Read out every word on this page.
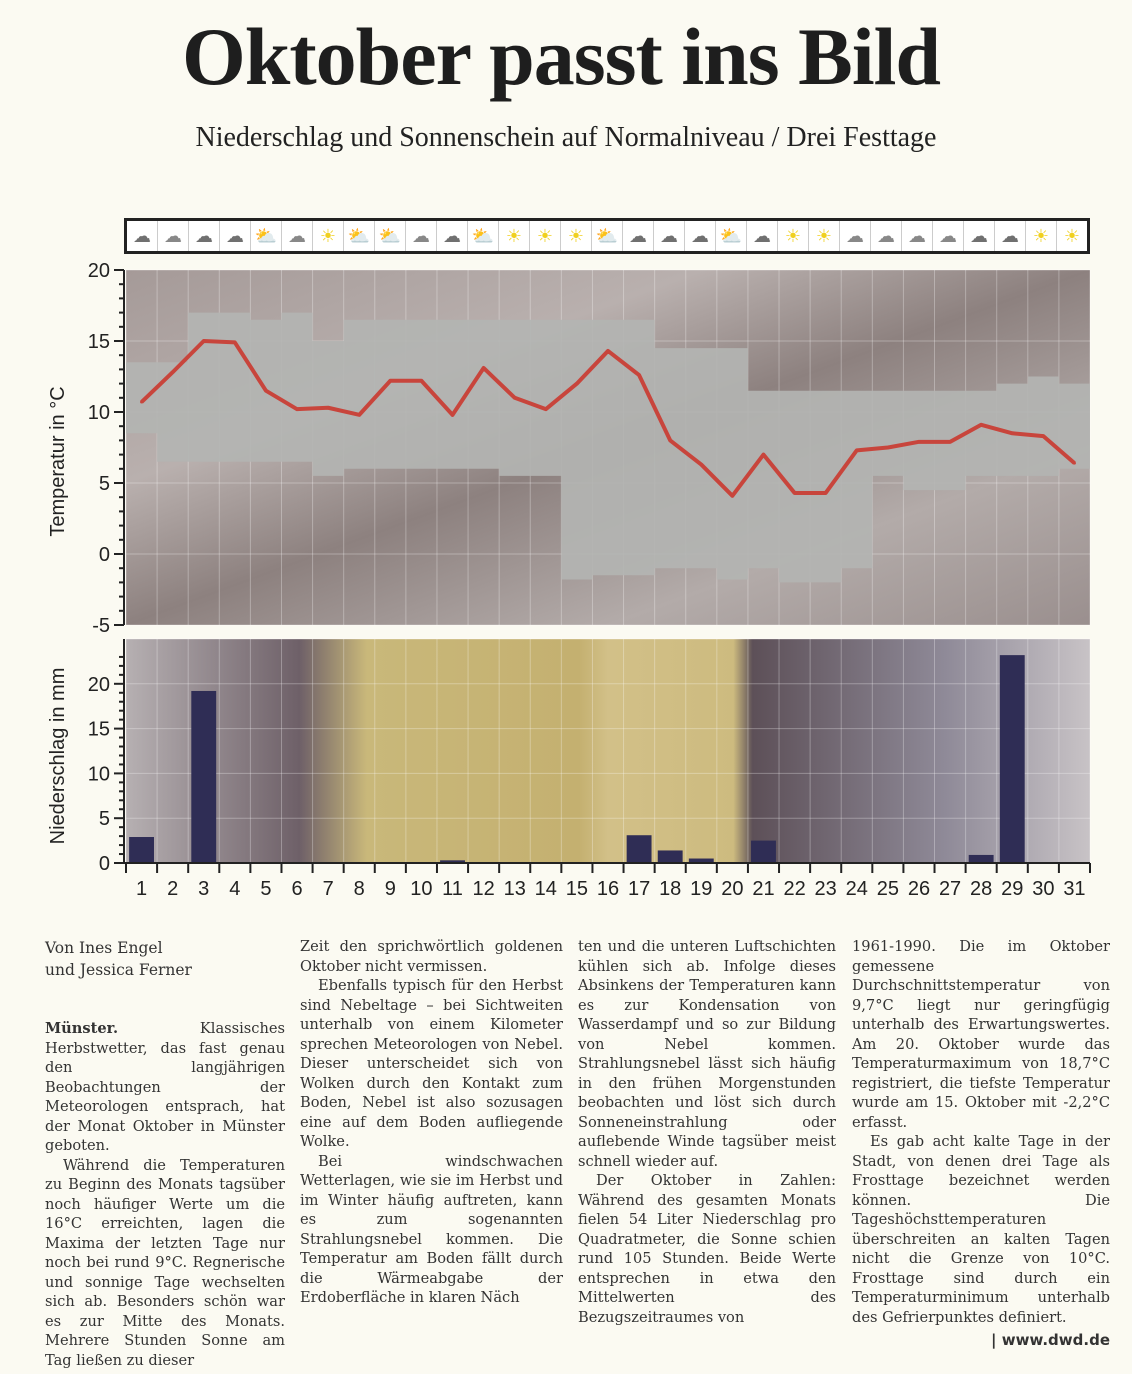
Oktober passt ins Bild
Niederschlag und Sonnenschein auf Normalniveau / Drei Festtage
☁ ☁ ☁ ☁ ⛅ ☁ ☀ ⛅ ⛅ ☁ ☁ ⛅ ☀ ☀ ☀ ⛅ ☁ ☁ ☁ ⛅ ☁ ☀ ☀ ☁ ☁ ☁ ☁ ☁ ☁ ☀ ☀
20
15
10
5
0
-5
Temperatur in °C
20
15
10
5
0
1 2 3 4 5 6 7 8 9 10 11 12 13 14 15 16 17 18 19 20 21 22 23 24 25 26 27 28 29 30 31
Niederschlag in mm

Von Ines Engel
und Jessica Ferner

Münster. Klassisches Herbstwetter, das fast genau den langjährigen Beobachtungen der Meteorologen entsprach, hat der Monat Oktober in Münster geboten.

Während die Temperaturen zu Beginn des Monats tagsüber noch häufiger Werte um die 16°C erreichten, lagen die Maxima der letzten Tage nur noch bei rund 9°C. Regnerische und sonnige Tage wechselten sich ab. Besonders schön war es zur Mitte des Monats. Mehrere Stunden Sonne am Tag ließen zu dieser

Zeit den sprichwörtlich goldenen Oktober nicht vermissen.

Ebenfalls typisch für den Herbst sind Nebeltage – bei Sichtweiten unterhalb von einem Kilometer sprechen Meteorologen von Nebel. Dieser unterscheidet sich von Wolken durch den Kontakt zum Boden, Nebel ist also sozusagen eine auf dem Boden aufliegende Wolke.

Bei windschwachen Wetterlagen, wie sie im Herbst und im Winter häufig auftreten, kann es zum sogenannten Strahlungsnebel kommen. Die Temperatur am Boden fällt durch die Wärmeabgabe der Erdoberfläche in klaren Näch

ten und die unteren Luftschichten kühlen sich ab. Infolge dieses Absinkens der Temperaturen kann es zur Kondensation von Wasserdampf und so zur Bildung von Nebel kommen. Strahlungsnebel lässt sich häufig in den frühen Morgenstunden beobachten und löst sich durch Sonneneinstrahlung oder auflebende Winde tagsüber meist schnell wieder auf.

Der Oktober in Zahlen: Während des gesamten Monats fielen 54 Liter Niederschlag pro Quadratmeter, die Sonne schien rund 105 Stunden. Beide Werte entsprechen in etwa den Mittelwerten des Bezugszeitraumes von

1961-1990. Die im Oktober gemessene Durchschnittstemperatur von 9,7°C liegt nur geringfügig unterhalb des Erwartungswertes. Am 20. Oktober wurde das Temperaturmaximum von 18,7°C registriert, die tiefste Temperatur wurde am 15. Oktober mit -2,2°C erfasst.

Es gab acht kalte Tage in der Stadt, von denen drei Tage als Frosttage bezeichnet werden können. Die Tageshöchsttemperaturen überschreiten an kalten Tagen nicht die Grenze von 10°C. Frosttage sind durch ein Temperaturminimum unterhalb des Gefrierpunktes definiert.

| www.dwd.de
